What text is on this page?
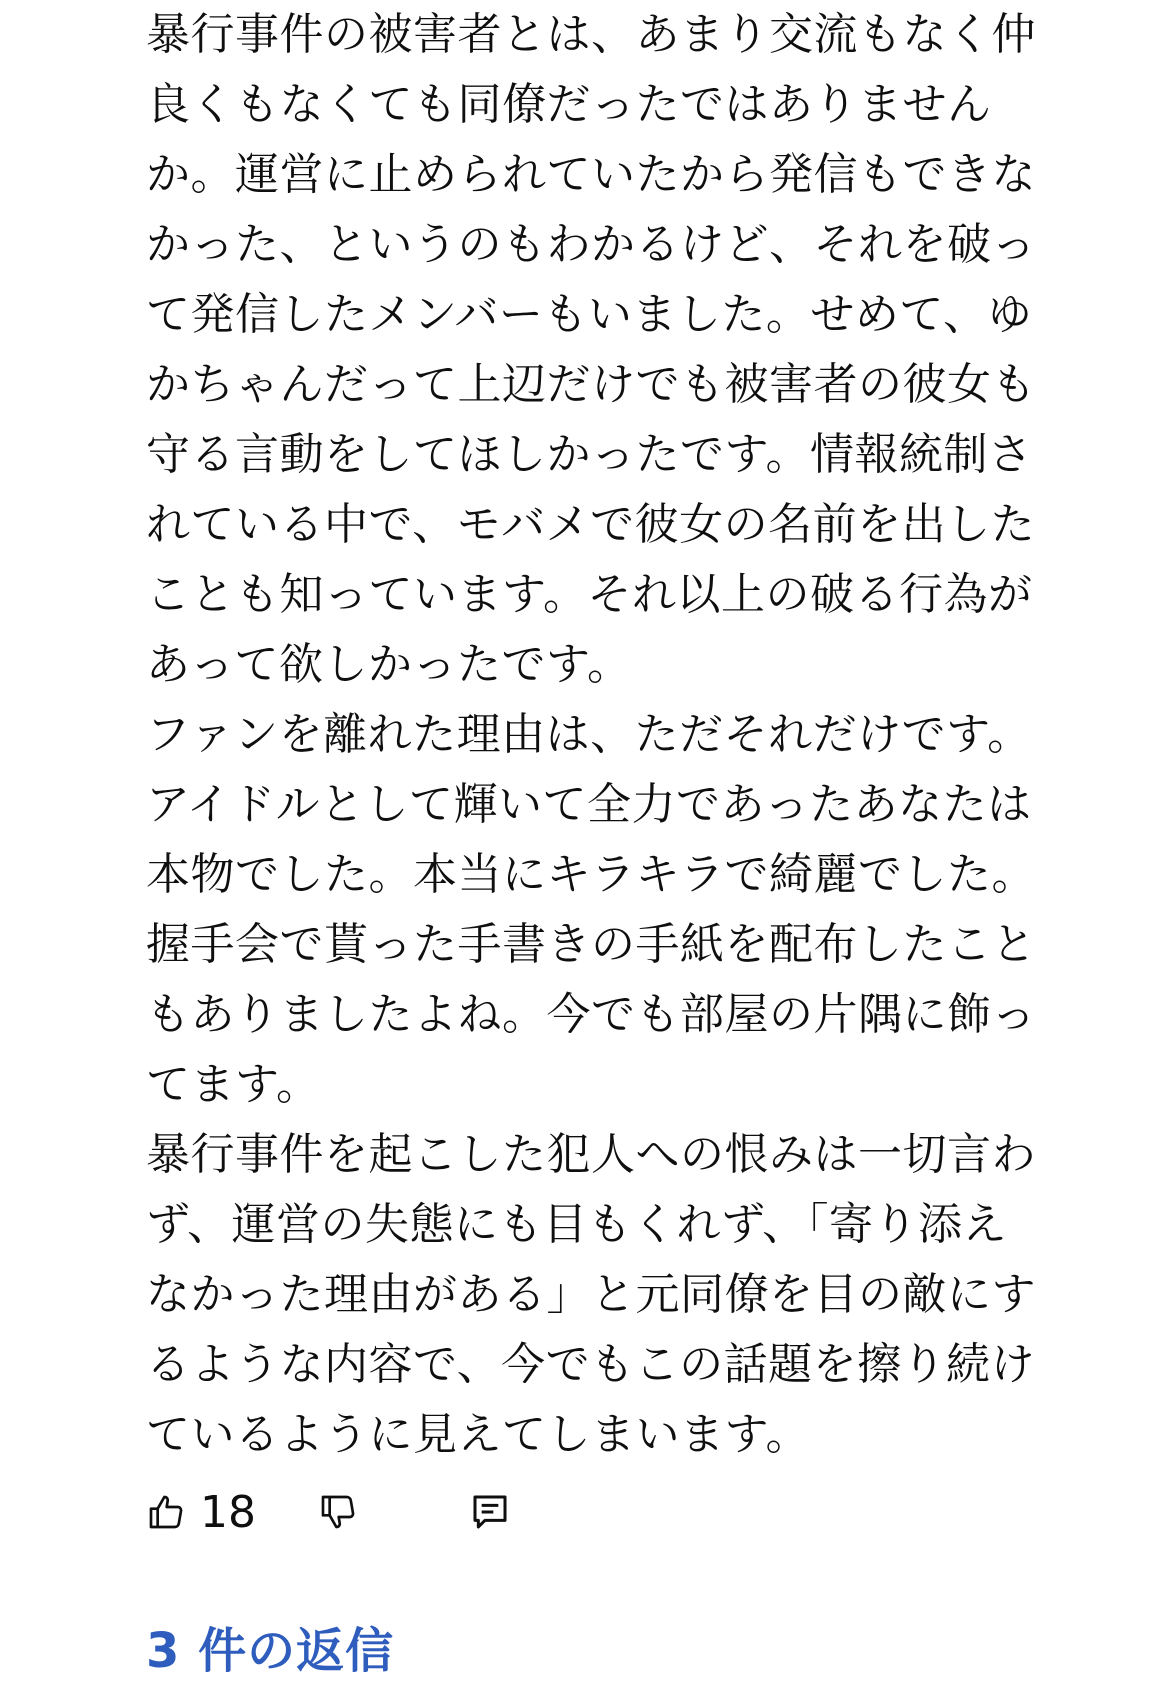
暴行事件の被害者とは、あまり交流もなく仲良くもなくても同僚だったではありませんか。運営に止められていたから発信もできなかった、というのもわかるけど、それを破って発信したメンバーもいました。せめて、ゆかちゃんだって上辺だけでも被害者の彼女も守る言動をしてほしかったです。情報統制されている中で、モバメで彼女の名前を出したことも知っています。それ以上の破る行為があって欲しかったです。
ファンを離れた理由は、ただそれだけです。
アイドルとして輝いて全力であったあなたは本物でした。本当にキラキラで綺麗でした。
握手会で貰った手書きの手紙を配布したこともありましたよね。今でも部屋の片隅に飾ってます。
暴行事件を起こした犯人への恨みは一切言わず、運営の失態にも目もくれず、「寄り添えなかった理由がある」と元同僚を目の敵にするような内容で、今でもこの話題を擦り続けているように見えてしまいます。

18
3 件の返信
